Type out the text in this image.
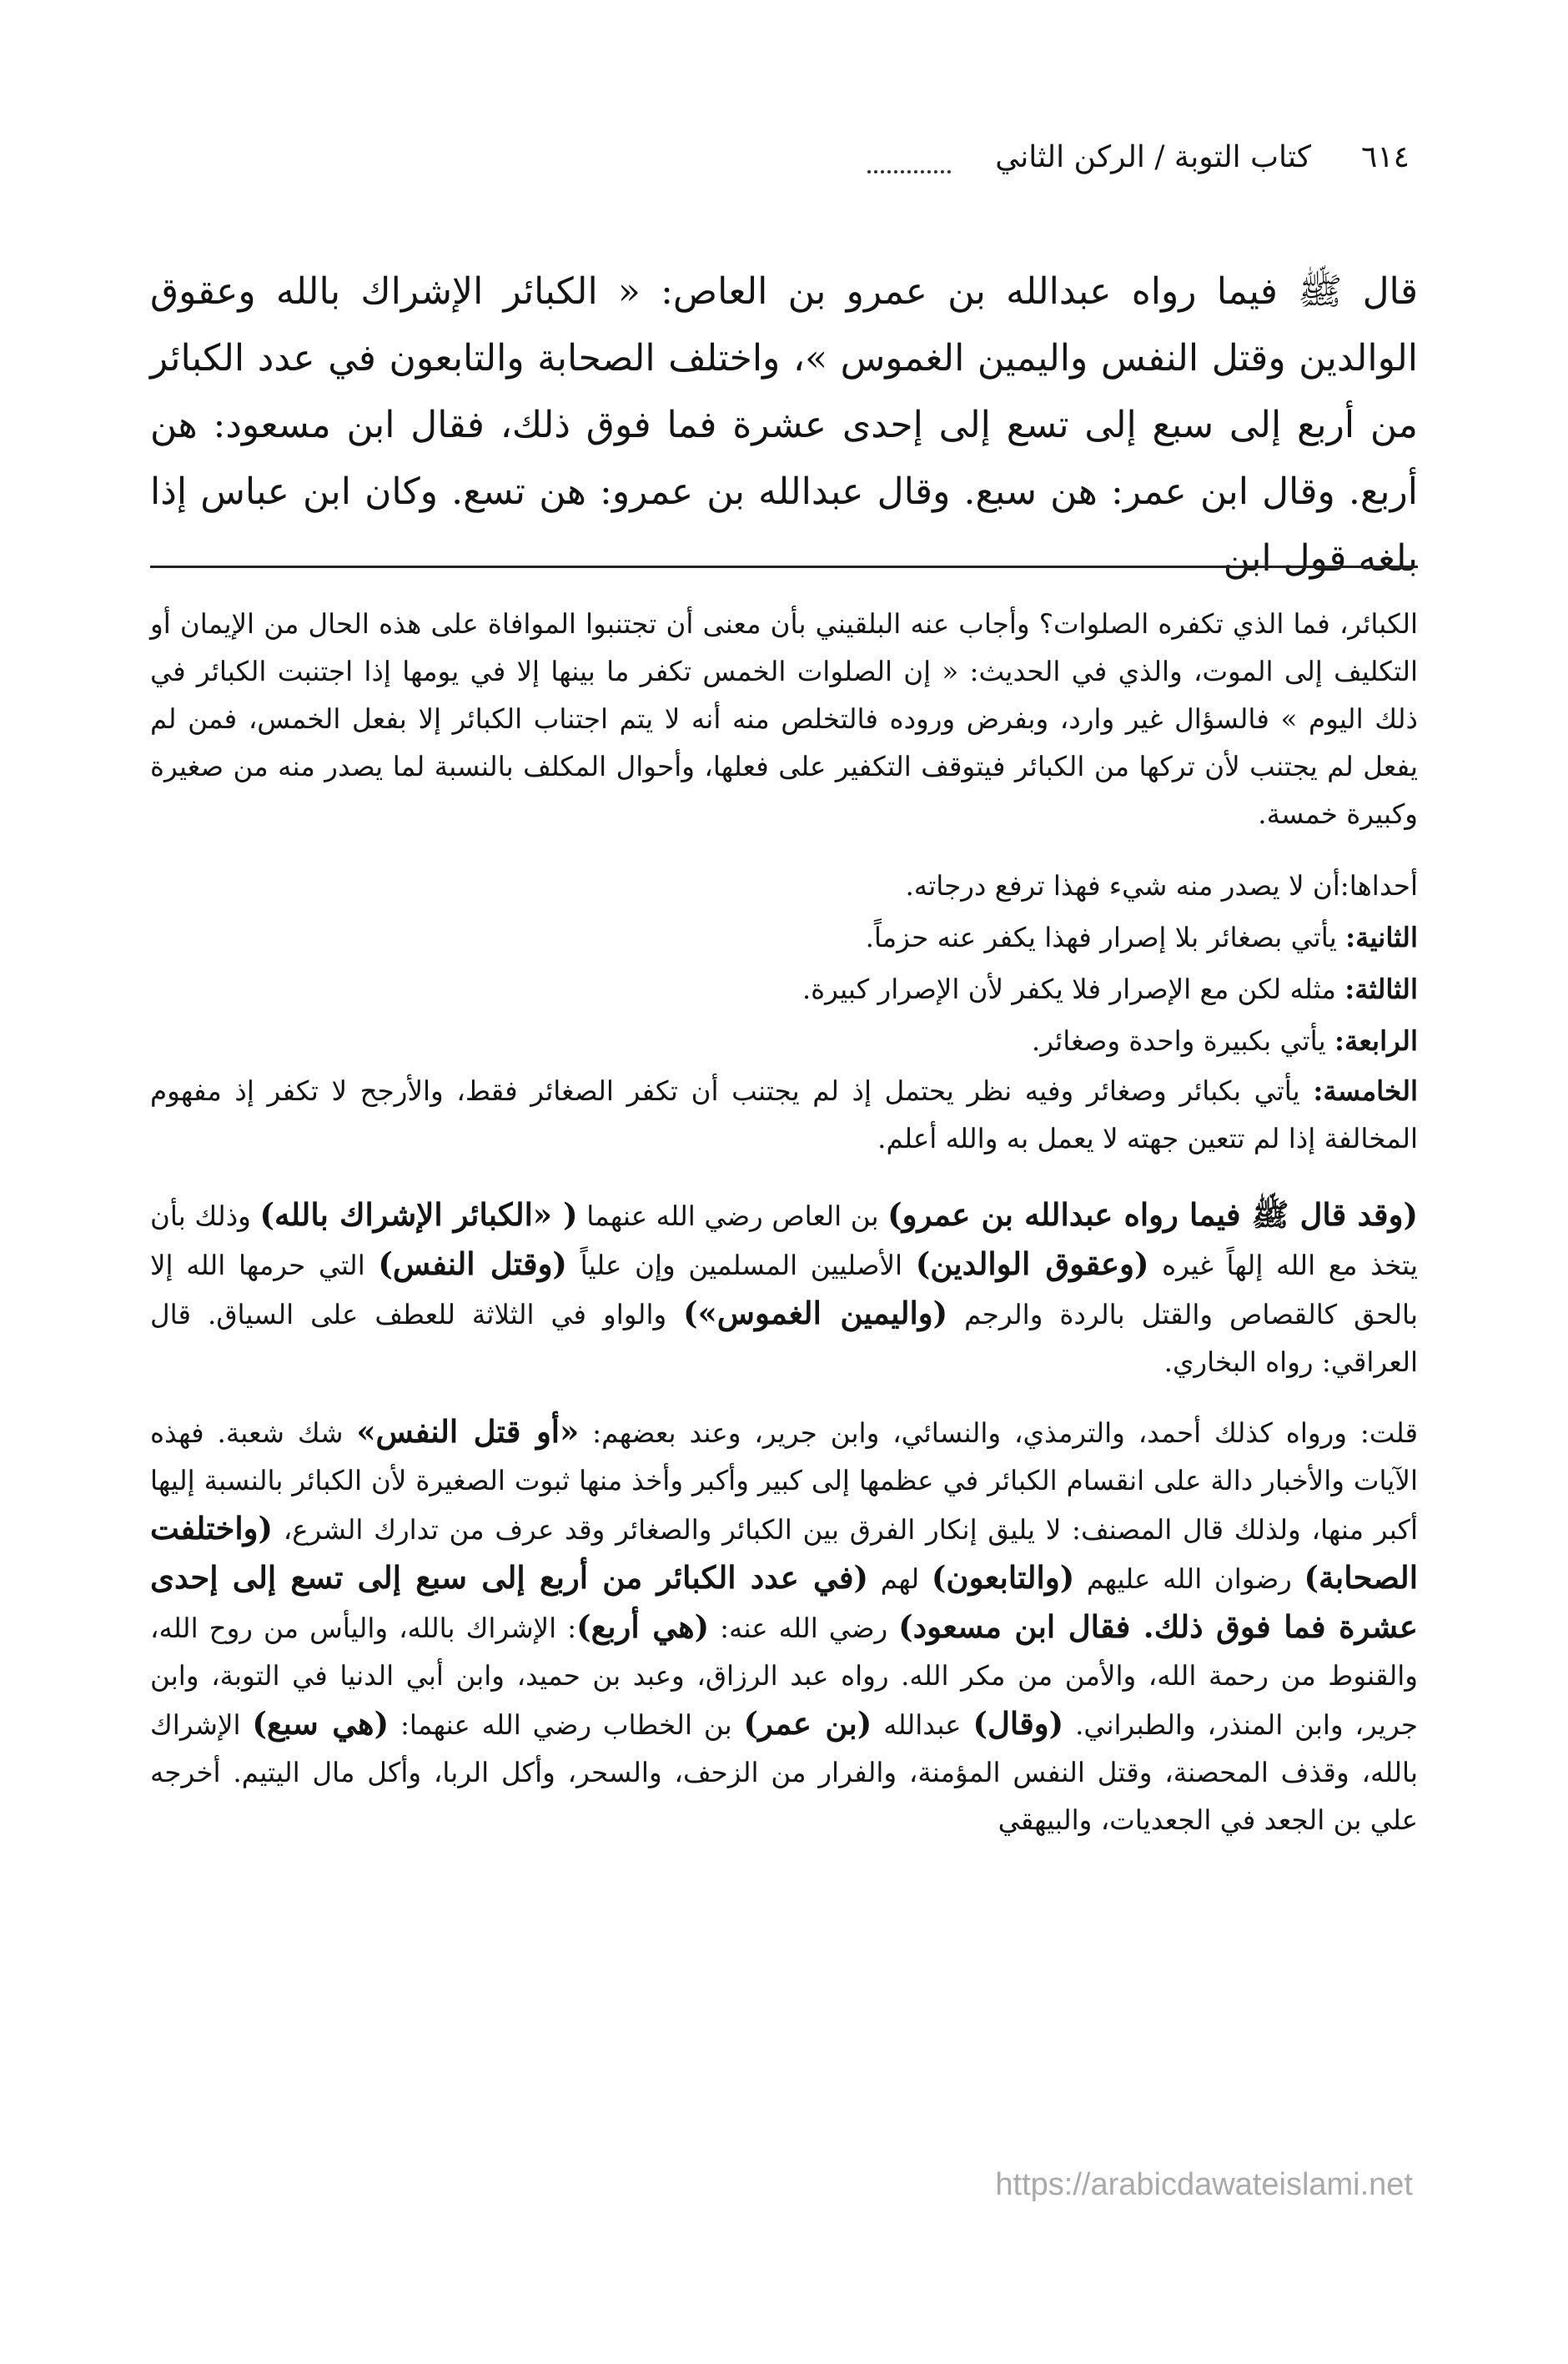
٦١٤
كتاب التوبة / الركن الثاني

قال ﷺ فيما رواه عبدالله بن عمرو بن العاص: « الكبائر الإشراك بالله وعقوق الوالدين وقتل النفس واليمين الغموس »، واختلف الصحابة والتابعون في عدد الكبائر من أربع إلى سبع إلى تسع إلى إحدى عشرة فما فوق ذلك، فقال ابن مسعود: هن أربع. وقال ابن عمر: هن سبع. وقال عبدالله بن عمرو: هن تسع. وكان ابن عباس إذا بلغه قول ابن

الكبائر، فما الذي تكفره الصلوات؟ وأجاب عنه البلقيني بأن معنى أن تجتنبوا الموافاة على هذه الحال من الإيمان أو التكليف إلى الموت، والذي في الحديث: « إن الصلوات الخمس تكفر ما بينها إلا في يومها إذا اجتنبت الكبائر في ذلك اليوم » فالسؤال غير وارد، وبفرض وروده فالتخلص منه أنه لا يتم اجتناب الكبائر إلا بفعل الخمس، فمن لم يفعل لم يجتنب لأن تركها من الكبائر فيتوقف التكفير على فعلها، وأحوال المكلف بالنسبة لما يصدر منه من صغيرة وكبيرة خمسة.

أحداها:أن لا يصدر منه شيء فهذا ترفع درجاته.

الثانية: يأتي بصغائر بلا إصرار فهذا يكفر عنه حزماً.

الثالثة: مثله لكن مع الإصرار فلا يكفر لأن الإصرار كبيرة.

الرابعة: يأتي بكبيرة واحدة وصغائر.

الخامسة: يأتي بكبائر وصغائر وفيه نظر يحتمل إذ لم يجتنب أن تكفر الصغائر فقط، والأرجح لا تكفر إذ مفهوم المخالفة إذا لم تتعين جهته لا يعمل به والله أعلم.

(وقد قال ﷺ فيما رواه عبدالله بن عمرو) بن العاص رضي الله عنهما ( «الكبائر الإشراك بالله) وذلك بأن يتخذ مع الله إلهاً غيره (وعقوق الوالدين) الأصليين المسلمين وإن علياً (وقتل النفس) التي حرمها الله إلا بالحق كالقصاص والقتل بالردة والرجم (واليمين الغموس») والواو في الثلاثة للعطف على السياق. قال العراقي: رواه البخاري.

قلت: ورواه كذلك أحمد، والترمذي، والنسائي، وابن جرير، وعند بعضهم: «أو قتل النفس» شك شعبة. فهذه الآيات والأخبار دالة على انقسام الكبائر في عظمها إلى كبير وأكبر وأخذ منها ثبوت الصغيرة لأن الكبائر بالنسبة إليها أكبر منها، ولذلك قال المصنف: لا يليق إنكار الفرق بين الكبائر والصغائر وقد عرف من تدارك الشرع، (واختلفت الصحابة) رضوان الله عليهم (والتابعون) لهم (في عدد الكبائر من أربع إلى سبع إلى تسع إلى إحدى عشرة فما فوق ذلك. فقال ابن مسعود) رضي الله عنه: (هي أربع): الإشراك بالله، واليأس من روح الله، والقنوط من رحمة الله، والأمن من مكر الله. رواه عبد الرزاق، وعبد بن حميد، وابن أبي الدنيا في التوبة، وابن جرير، وابن المنذر، والطبراني. (وقال) عبدالله (بن عمر) بن الخطاب رضي الله عنهما: (هي سبع) الإشراك بالله، وقذف المحصنة، وقتل النفس المؤمنة، والفرار من الزحف، والسحر، وأكل الربا، وأكل مال اليتيم. أخرجه علي بن الجعد في الجعديات، والبيهقي

https://arabicdawateislami.net
